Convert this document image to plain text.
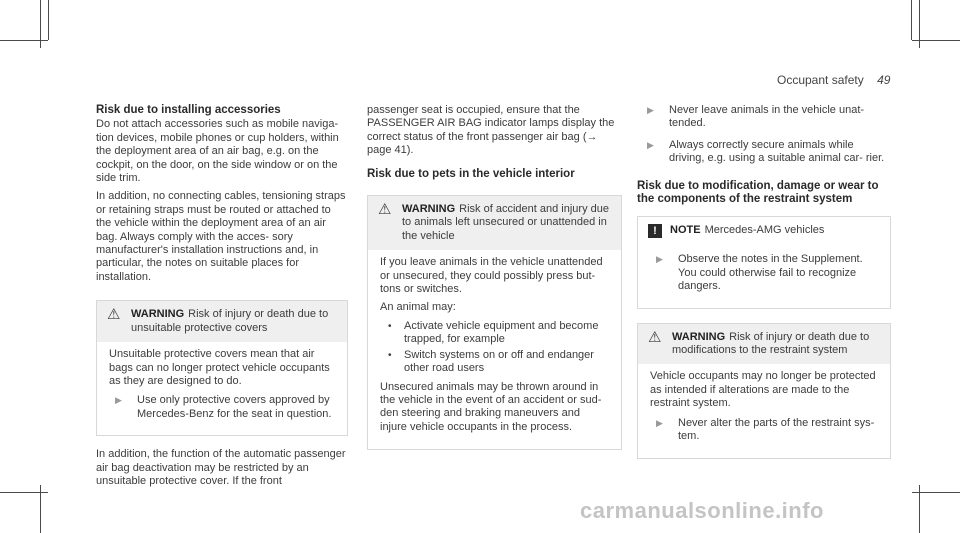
Occupant safety 49
Risk due to installing accessories

Do not attach accessories such as mobile naviga- tion devices, mobile phones or cup holders, within the deployment area of an air bag, e.g. on the cockpit, on the door, on the side window or on the side trim.

In addition, no connecting cables, tensioning straps or retaining straps must be routed or attached to the vehicle within the deployment area of an air bag. Always comply with the acces- sory manufacturer's installation instructions and, in particular, the notes on suitable places for installation.

⚠ WARNING Risk of injury or death due to unsuitable protective covers

Unsuitable protective covers mean that air bags can no longer protect vehicle occupants as they are designed to do.

▶	Use only protective covers approved by Mercedes-Benz for the seat in question.

In addition, the function of the automatic passenger air bag deactivation may be restricted by an unsuitable protective cover. If the front

passenger seat is occupied, ensure that the PASSENGER AIR BAG indicator lamps display the correct status of the front passenger air bag (→ page 41).

Risk due to pets in the vehicle interior
⚠ WARNING Risk of accident and injury due to animals left unsecured or unattended in the vehicle

If you leave animals in the vehicle unattended or unsecured, they could possibly press but- tons or switches.

An animal may:

•	Activate vehicle equipment and become trapped, for example
•	Switch systems on or off and endanger other road users

Unsecured animals may be thrown around in the vehicle in the event of an accident or sud- den steering and braking maneuvers and injure vehicle occupants in the process.

▶	Never leave animals in the vehicle unat- tended.
▶	Always correctly secure animals while driving, e.g. using a suitable animal car- rier.
Risk due to modification, damage or wear to the components of the restraint system
!	NOTE Mercedes-AMG vehicles
▶	Observe the notes in the Supplement. You could otherwise fail to recognize dangers.
⚠ WARNING Risk of injury or death due to modifications to the restraint system

Vehicle occupants may no longer be protected as intended if alterations are made to the restraint system.

▶	Never alter the parts of the restraint sys- tem.
carmanualsonline.info
